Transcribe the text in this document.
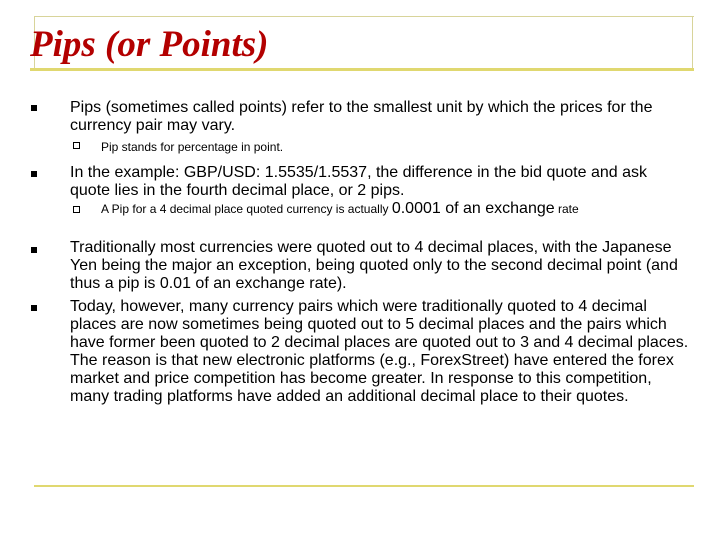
Pips (or Points)

Pips (sometimes called points) refer to the smallest unit by which the prices for the currency pair may vary.

Pip stands for percentage in point.

In the example: GBP/USD: 1.5535/1.5537, the difference in the bid quote and ask quote lies in the fourth decimal place, or 2 pips.

A Pip for a 4 decimal place quoted currency is actually 0.0001 of an exchange rate

Traditionally most currencies were quoted out to 4 decimal places, with the Japanese Yen being the major an exception, being quoted only to the second decimal point (and thus a pip is 0.01 of an exchange rate).

Today, however, many currency pairs which were traditionally quoted to 4 decimal places are now sometimes being quoted out to 5 decimal places and the pairs which have former been quoted to 2 decimal places are quoted out to 3 and 4 decimal places. The reason is that new electronic platforms (e.g., ForexStreet) have entered the forex market and price competition has become greater. In response to this competition, many trading platforms have added an additional decimal place to their quotes.
